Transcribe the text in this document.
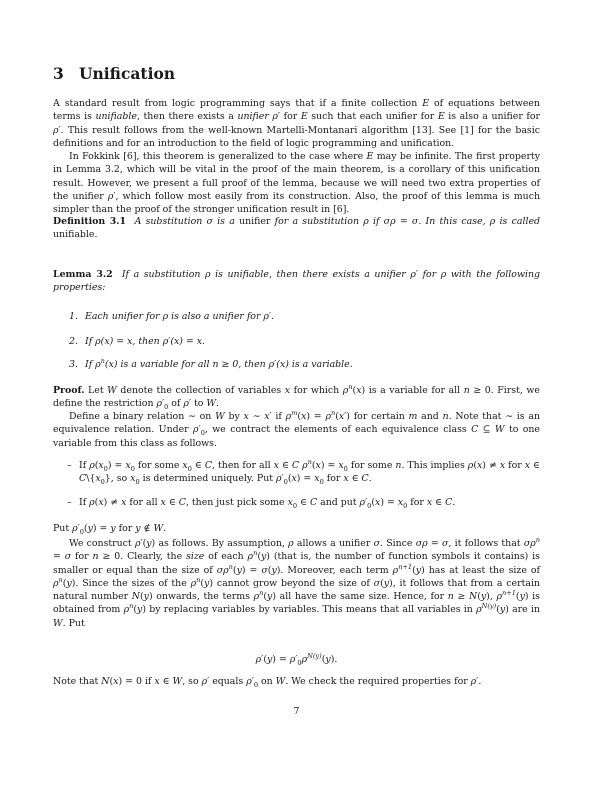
3 Unification
A standard result from logic programming says that if a finite collection E of equations between terms is unifiable, then there exists a unifier ρ′ for E such that each unifier for E is also a unifier for ρ′. This result follows from the well-known Martelli-Montanari algorithm [13]. See [1] for the basic definitions and for an introduction to the field of logic programming and unification.
In Fokkink [6], this theorem is generalized to the case where E may be infinite. The first property in Lemma 3.2, which will be vital in the proof of the main theorem, is a corollary of this unification result. However, we present a full proof of the lemma, because we will need two extra properties of the unifier ρ′, which follow most easily from its construction. Also, the proof of this lemma is much simpler than the proof of the stronger unification result in [6].
Definition 3.1 A substitution σ is a unifier for a substitution ρ if σρ = σ. In this case, ρ is called unifiable.
Lemma 3.2 If a substitution ρ is unifiable, then there exists a unifier ρ′ for ρ with the following properties:
1. Each unifier for ρ is also a unifier for ρ′.
2. If ρ(x) = x, then ρ′(x) = x.
3. If $\rho^n(x)$ is a variable for all n ≥ 0, then ρ′(x) is a variable.
Proof. Let W denote the collection of variables x for which $\rho^n(x)$ is a variable for all n ≥ 0. First, we define the restriction $\rho'_0$ of ρ′ to W.
Define a binary relation ∼ on W by x ∼ x′ if $\rho^m(x) = \rho^n(x')$ for certain m and n. Note that ∼ is an equivalence relation. Under $\rho'_0$, we contract the elements of each equivalence class C ⊆ W to one variable from this class as follows.
– If $\rho(x_0) = x_0$ for some $x_0$ ∈ C, then for all x ∈ C $\rho^n(x) = x_0$ for some n. This implies ρ(x) ≠ x for x ∈ $C\backslash\{x_0\}$, so $x_0$ is determined uniquely. Put $\rho'_0(x) = x_0$ for x ∈ C.
– If ρ(x) ≠ x for all x ∈ C, then just pick some $x_0$ ∈ C and put $\rho'_0(x) = x_0$ for x ∈ C.
Put $\rho'_0(y) = y$ for y ∉ W.
We construct ρ′(y) as follows. By assumption, ρ allows a unifier σ. Since σρ = σ, it follows that $\sigma\rho^n = \sigma$ for n ≥ 0. Clearly, the size of each $\rho^n(y)$ (that is, the number of function symbols it contains) is smaller or equal than the size of $\sigma\rho^n(y) = \sigma(y)$. Moreover, each term $\rho^{n+1}(y)$ has at least the size of $\rho^n(y)$. Since the sizes of the $\rho^n(y)$ cannot grow beyond the size of σ(y), it follows that from a certain natural number N(y) onwards, the terms $\rho^n(y)$ all have the same size. Hence, for n ≥ N(y), $\rho^{n+1}(y)$ is obtained from $\rho^n(y)$ by replacing variables by variables. This means that all variables in $\rho^{N(y)}(y)$ are in W. Put
$\rho'(y) = \rho'_0\rho^{N(y)}(y)$.
Note that N(x) = 0 if x ∈ W, so ρ′ equals $\rho'_0$ on W. We check the required properties for ρ′.
7
